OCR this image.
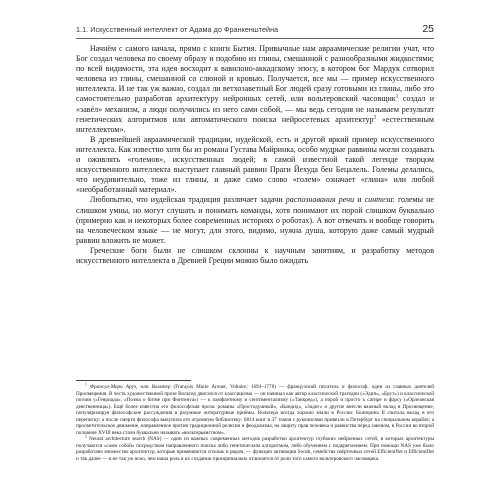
1.1. Искусственный интеллект от Адама до Франкенштейна	25

Начнём с самого начала, прямо с книги Бытия. Привычные нам авраамические религии учат, что Бог создал человека по своему образу и подобию из глины, смешанной с разнообразными жидкостями; по всей видимости, эта идея восходит к вавилоно-аккадскому эпосу, в котором бог Мардук сотворил человека из глины, смешанной со слюной и кровью. Получается, все мы — пример искусственного интеллекта. И не так уж важно, создал ли ветхозаветный Бог людей сразу готовыми из глины, либо это самостоятельно разработав архитектуру нейронных сетей, или вольтеровский часовщик$^1$ создал и «завёл» механизм, а люди получились из него сами собой, — мы ведь сегодня не называем результат генетических алгоритмов или автоматического поиска нейросетевых архитектур$^2$ «естественным интеллектом».

В древнейшей авраамической традиции, иудейской, есть и другой яркий пример искусственного интеллекта. Как известно хотя бы из романа Густава Майринка, особо мудрые раввины могли создавать и оживлять «големов», искусственных людей; в самой известной такой легенде творцом искусственного интеллекта выступает главный раввин Праги Йехуда бен Бецалель. Големы делались, что неудивительно, тоже из глины, и даже само слово «голем» означает «глина» или любой «необработанный материал».

Любопытно, что иудейская традиция различает задачи распознавания речи и синтеза: големы не слишком умны, но могут слушать и понимать команды, хотя понимают их порой слишком буквально (примерно как и некоторых более современных историях о роботах). А вот отвечать и вообще говорить на человеческом языке — не могут, для этого, видимо, нужна душа, которую даже самый мудрый раввин вложить не может.

Греческие боги были не слишком склонны к научным занятиям, и разработку методов искусственного интеллекта в Древней Греции можно было ожидать

$^1$ Франсуа-Мари Аруэ, или Вольтер (François Marie Arouet, Voltaire; 1694–1778) — французский писатель и философ, один из главных деятелей Просвещения. В честь художественной прозе Вольтер двигался от классицизма — он начинал как автор классической трагедии («Эдип», «Брут») и классической поэзии («Генриада», «Поэма о битве при Фонтенуа») — к памфлетному и сентиментализму («Танкред»), а порой и просто к сатире и фарсу («Орлеанская девственница»). Ещё более известна его философская проза: романы «Простодушный», «Кандид», «Задиг» и другие внесли важный вклад в Просвещение, популяризируя философские рассуждения в разумные литературные приёмы. Вольтера всегда хорошо знали в России: Екатерина II считала вклад в его переписку; а после смерти философа выкупила его огромную библиотеку: 6814 книг в 37 томов с рукописями привезли в Петербург на специальном корабле; а просветительское движение, направленное против традиционной религии и феодализма, на защиту прав человека и равенства перед законом, в России во второй половине XVIII века стали буквально называть «вольтерьянством».

$^2$ Neural architecture search (NAS) — один из важных современных методов разработки архитектур глубоких нейронных сетей, в которых архитектуры получаются «сами собой» посредством направленного поиска либо генетическим алгоритмом, либо обучением с подкреплением. При помощи NAS уже было разработано множество архитектур, которые применяются сплошь и рядом, — функции активации Swish, семейства свёрточных сетей EfficientNet и EfficientDet и так далее — и не так уж ясно, чем наша роль в их создании принципиально отличается от роли того самого вольтеровского часовщика.
